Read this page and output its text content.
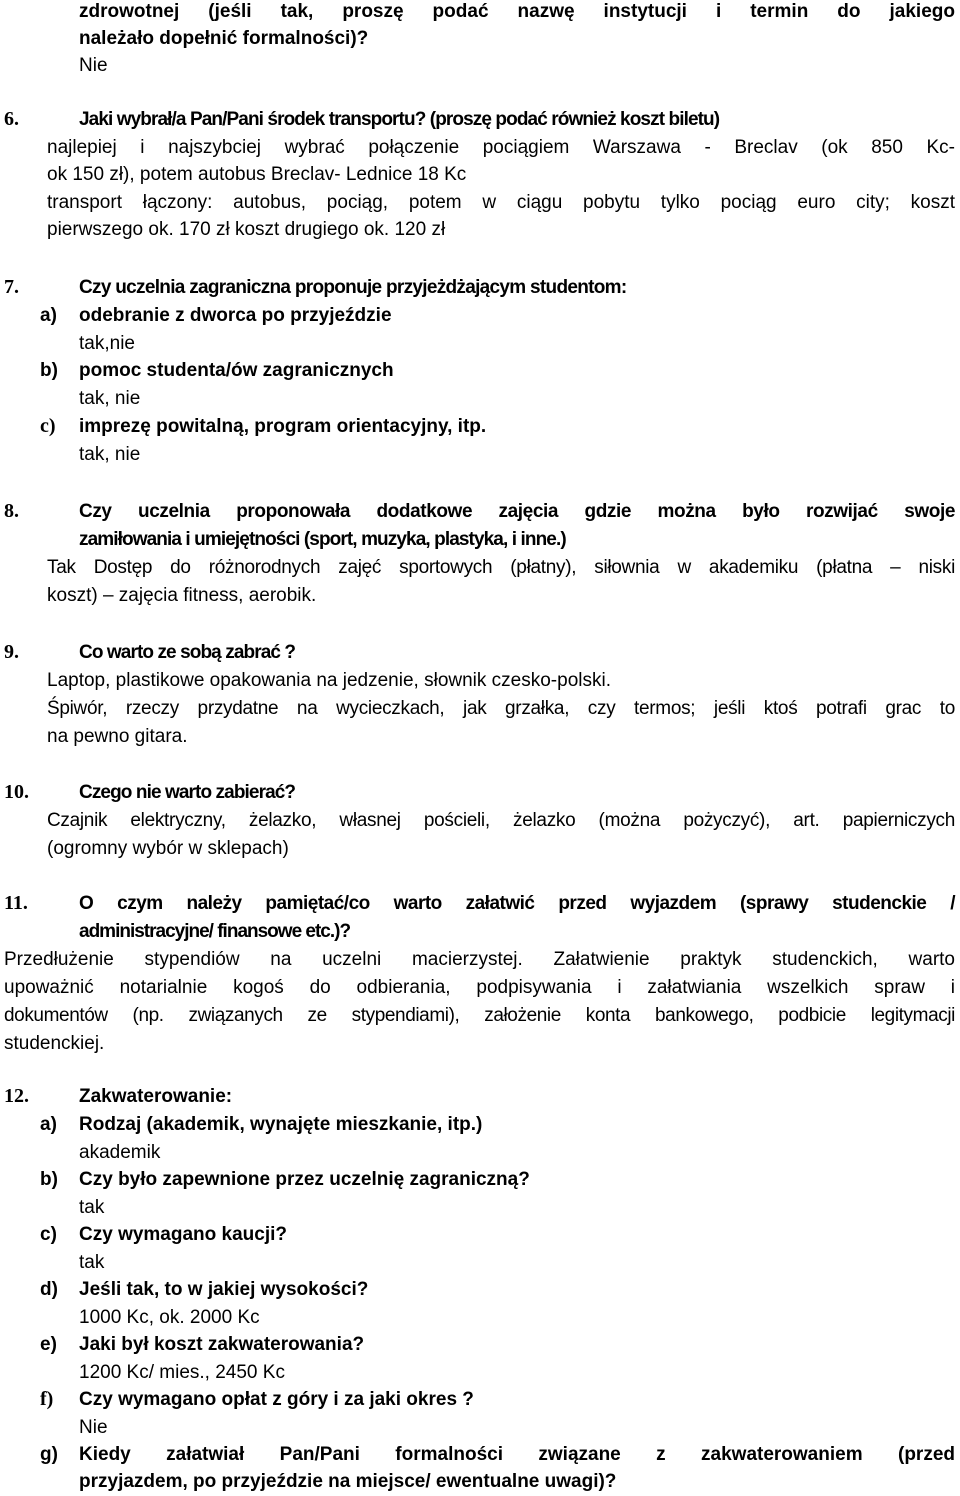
zdrowotnej (jeśli tak, proszę podać nazwę instytucji i termin do jakiego
należało dopełnić formalności)?
Nie
6.	Jaki wybrał/a Pan/Pani środek transportu? (proszę podać również koszt biletu)
najlepiej i najszybciej wybrać połączenie pociągiem Warszawa - Breclav (ok 850 Kc-
ok 150 zł), potem autobus Breclav- Lednice 18 Kc
transport łączony: autobus, pociąg, potem w ciągu pobytu tylko pociąg euro city; koszt
pierwszego ok. 170 zł koszt drugiego ok. 120 zł
7.	Czy uczelnia zagraniczna proponuje przyjeżdżającym studentom:
a) odebranie z dworca po przyjeździe
tak,nie
b) pomoc studenta/ów zagranicznych
tak, nie
c) imprezę powitalną, program orientacyjny, itp.
tak, nie
8.	Czy uczelnia proponowała dodatkowe zajęcia gdzie można było rozwijać swoje
zamiłowania i umiejętności (sport, muzyka, plastyka, i inne.)
Tak Dostęp do różnorodnych zajęć sportowych (płatny), siłownia w akademiku (płatna – niski
koszt) – zajęcia fitness, aerobik.
9.	Co warto ze sobą zabrać ?
Laptop, plastikowe opakowania na jedzenie, słownik czesko-polski.
Śpiwór, rzeczy przydatne na wycieczkach, jak grzałka, czy termos; jeśli ktoś potrafi grac to
na pewno gitara.
10.	Czego nie warto zabierać?
Czajnik elektryczny, żelazko, własnej pościeli, żelazko (można pożyczyć), art. papierniczych
(ogromny wybór w sklepach)
11.	O czym należy pamiętać/co warto załatwić przed wyjazdem (sprawy studenckie /
administracyjne/ finansowe etc.)?
Przedłużenie stypendiów na uczelni macierzystej. Załatwienie praktyk studenckich, warto
upoważnić notarialnie kogoś do odbierania, podpisywania i załatwiania wszelkich spraw i
dokumentów (np. związanych ze stypendiami), założenie konta bankowego, podbicie legitymacji
studenckiej.
12.	Zakwaterowanie:
a) Rodzaj (akademik, wynajęte mieszkanie, itp.)
akademik
b) Czy było zapewnione przez uczelnię zagraniczną?
tak
c) Czy wymagano kaucji?
tak
d) Jeśli tak, to w jakiej wysokości?
1000 Kc, ok. 2000 Kc
e) Jaki był koszt zakwaterowania?
1200 Kc/ mies., 2450 Kc
f) Czy wymagano opłat z góry i za jaki okres ?
Nie
g) Kiedy załatwiał Pan/Pani formalności związane z zakwaterowaniem (przed
przyjazdem, po przyjeździe na miejsce/ ewentualne uwagi)?
